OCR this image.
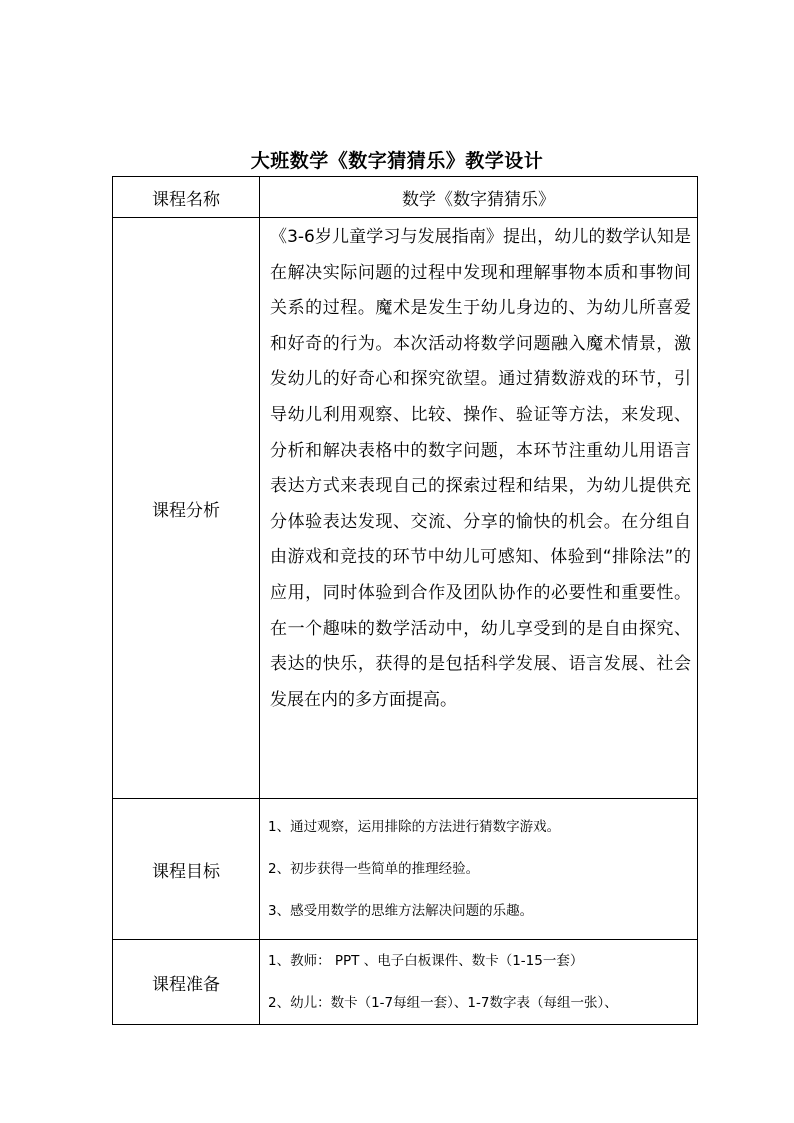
大班数学《数字猜猜乐》教学设计
课程名称	数学《数字猜猜乐》
课程分析	《3-6岁儿童学习与发展指南》提出，幼儿的数学认知是在解决实际问题的过程中发现和理解事物本质和事物间关系的过程。魔术是发生于幼儿身边的、为幼儿所喜爱和好奇的行为。本次活动将数学问题融入魔术情景，激发幼儿的好奇心和探究欲望。通过猜数游戏的环节，引导幼儿利用观察、比较、操作、验证等方法，来发现、分析和解决表格中的数字问题，本环节注重幼儿用语言表达方式来表现自己的探索过程和结果，为幼儿提供充分体验表达发现、交流、分享的愉快的机会。在分组自由游戏和竞技的环节中幼儿可感知、体验到“排除法”的应用，同时体验到合作及团队协作的必要性和重要性。在一个趣味的数学活动中，幼儿享受到的是自由探究、表达的快乐，获得的是包括科学发展、语言发展、社会发展在内的多方面提高。
课程目标	1、通过观察，运用排除的方法进行猜数字游戏。
2、初步获得一些简单的推理经验。
3、感受用数学的思维方法解决问题的乐趣。

课程准备	1、教师： PPT 、电子白板课件、数卡（1-15一套）
2、幼儿：数卡（1-7每组一套）、1-7数字表（每组一张）、
